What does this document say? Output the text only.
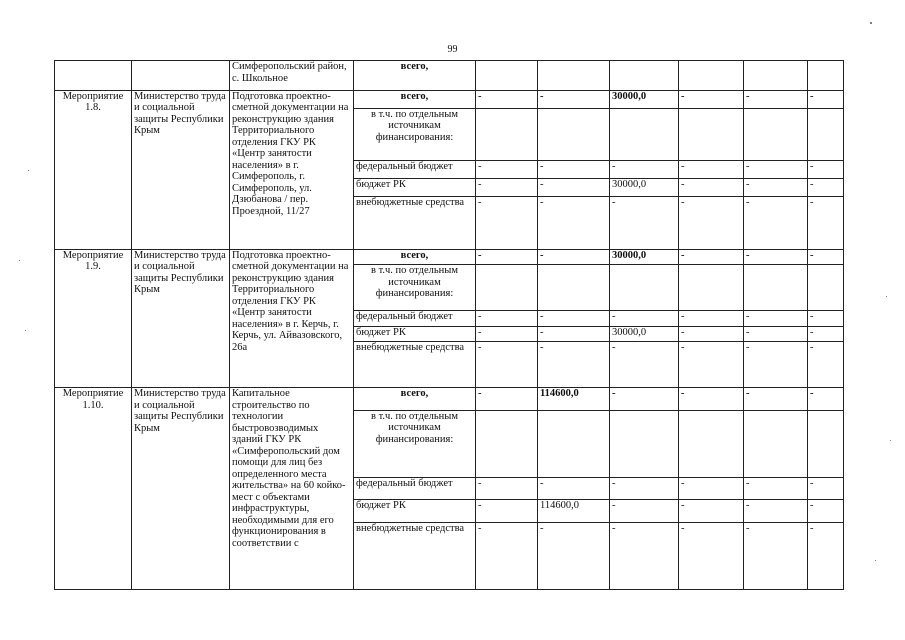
99
		Симферопольский район, с. Школьное	всего,						
Мероприятие 1.8.	Министерство труда и социальной защиты Республики Крым	Подготовка проектно-сметной документации на реконструкцию здания Территориального отделения ГКУ РК «Центр занятости населения» в г. Симферополь, г. Симферополь, ул. Дзюбанова / пер. Проездной, 11/27	всего,	-	-	30000,0	-	-	-
			в т.ч. по отдельным источникам финансирования:						
			федеральный бюджет	-	-	-	-	-	-
			бюджет РК	-	-	30000,0	-	-	-
			внебюджетные средства	-	-	-	-	-	-
Мероприятие 1.9.	Министерство труда и социальной защиты Республики Крым	Подготовка проектно-сметной документации на реконструкцию здания Территориального отделения ГКУ РК «Центр занятости населения» в г. Керчь, г. Керчь, ул. Айвазовского, 26а	всего,	-	-	30000,0	-	-	-
			в т.ч. по отдельным источникам финансирования:						
			федеральный бюджет	-	-	-	-	-	-
			бюджет РК	-	-	30000,0	-	-	-
			внебюджетные средства	-	-	-	-	-	-
Мероприятие 1.10.	Министерство труда и социальной защиты Республики Крым	Капитальное строительство по технологии быстровозводимых зданий ГКУ РК «Симферопольский дом помощи для лиц без определенного места жительства» на 60 койко-мест с объектами инфраструктуры, необходимыми для его функционирования в соответствии с	всего,	-	114600,0	-	-	-	-
			в т.ч. по отдельным источникам финансирования:						
			федеральный бюджет	-	-	-	-	-	-
			бюджет РК	-	114600,0	-	-	-	-
			внебюджетные средства	-	-	-	-	-	-
